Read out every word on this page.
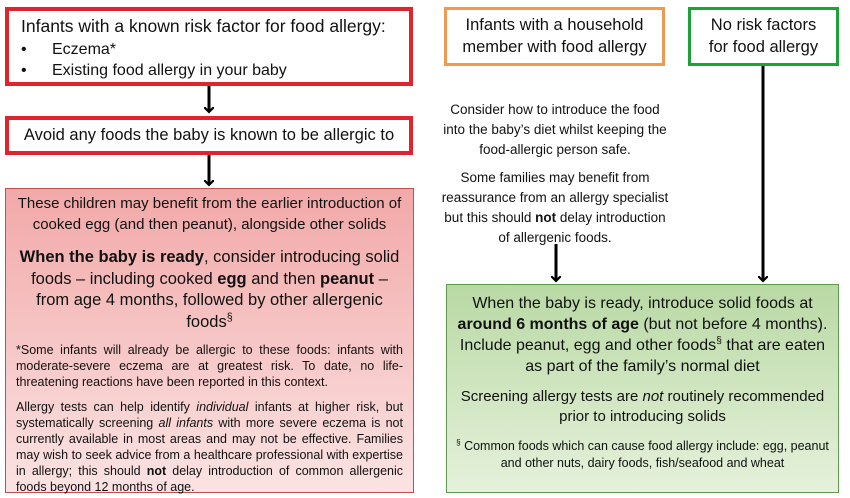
Infants with a known risk factor for food allergy:
• Eczema*
• Existing food allergy in your baby
Avoid any foods the baby is known to be allergic to
Infants with a household
member with food allergy
No risk factors
for food allergy
Consider how to introduce the food into the baby’s diet whilst keeping the food-allergic person safe.
Some families may benefit from reassurance from an allergy specialist but this should not delay introduction of allergenic foods.
These children may benefit from the earlier introduction of cooked egg (and then peanut), alongside other solids
When the baby is ready, consider introducing solid foods – including cooked egg and then peanut – from age 4 months, followed by other allergenic foods§
*Some infants will already be allergic to these foods: infants with moderate-severe eczema are at greatest risk. To date, no life-threatening reactions have been reported in this context.
Allergy tests can help identify individual infants at higher risk, but systematically screening all infants with more severe eczema is not currently available in most areas and may not be effective. Families may wish to seek advice from a healthcare professional with expertise in allergy; this should not delay introduction of common allergenic foods beyond 12 months of age.
When the baby is ready, introduce solid foods at around 6 months of age (but not before 4 months). Include peanut, egg and other foods§ that are eaten as part of the family’s normal diet
Screening allergy tests are not routinely recommended prior to introducing solids
§ Common foods which can cause food allergy include: egg, peanut and other nuts, dairy foods, fish/seafood and wheat
